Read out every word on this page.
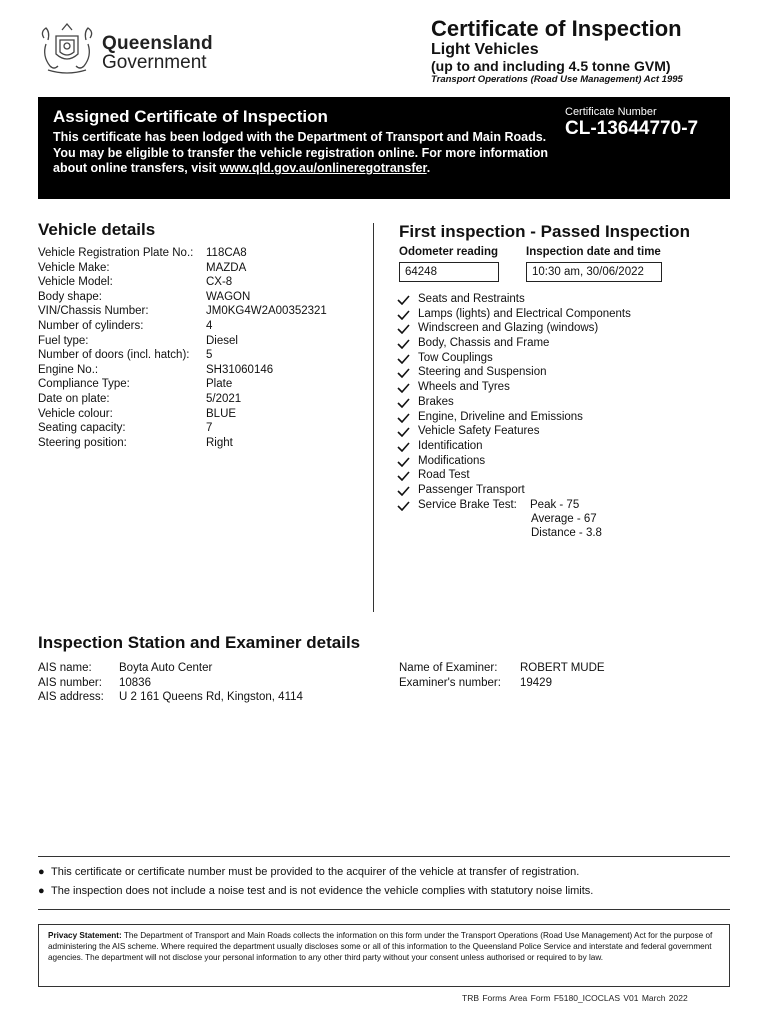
Queensland
Government
Certificate of Inspection
Light Vehicles
(up to and including 4.5 tonne GVM)
Transport Operations (Road Use Management) Act 1995
Assigned Certificate of Inspection
This certificate has been lodged with the Department of Transport and Main Roads. You may be eligible to transfer the vehicle registration online. For more information about online transfers, visit www.qld.gov.au/onlineregotransfer.
Certificate Number
CL-13644770-7
Vehicle details
Vehicle Registration Plate No.: 118CA8
Vehicle Make:	MAZDA
Vehicle Model:	CX-8
Body shape:	WAGON
VIN/Chassis Number:	JM0KG4W2A00352321
Number of cylinders:	4
Fuel type:	Diesel
Number of doors (incl. hatch): 5
Engine No.:	SH31060146
Compliance Type:	Plate
Date on plate:	5/2021
Vehicle colour:	BLUE
Seating capacity:	7
Steering position:	Right
First inspection - Passed Inspection
Odometer reading Inspection date and time
64248	10:30 am, 30/06/2022
Seats and Restraints
Lamps (lights) and Electrical Components
Windscreen and Glazing (windows)
Body, Chassis and Frame
Tow Couplings
Steering and Suspension
Wheels and Tyres
Brakes
Engine, Driveline and Emissions
Vehicle Safety Features
Identification
Modifications
Road Test
Passenger Transport
Service Brake Test: Peak - 75
Average - 67
Distance - 3.8
Inspection Station and Examiner details
AIS name: Boyta Auto Center
AIS number: 10836
AIS address: U 2 161 Queens Rd, Kingston, 4114
Name of Examiner: ROBERT MUDE
Examiner's number: 19429
● This certificate or certificate number must be provided to the acquirer of the vehicle at transfer of registration.
● The inspection does not include a noise test and is not evidence the vehicle complies with statutory noise limits.
Privacy Statement: The Department of Transport and Main Roads collects the information on this form under the Transport Operations (Road Use Management) Act for the purpose of administering the AIS scheme. Where required the department usually discloses some or all of this information to the Queensland Police Service and interstate and federal government agencies. The department will not disclose your personal information to any other third party without your consent unless authorised or required to by law.
TRB Forms Area Form F5180_ICOCLAS V01 March 2022
